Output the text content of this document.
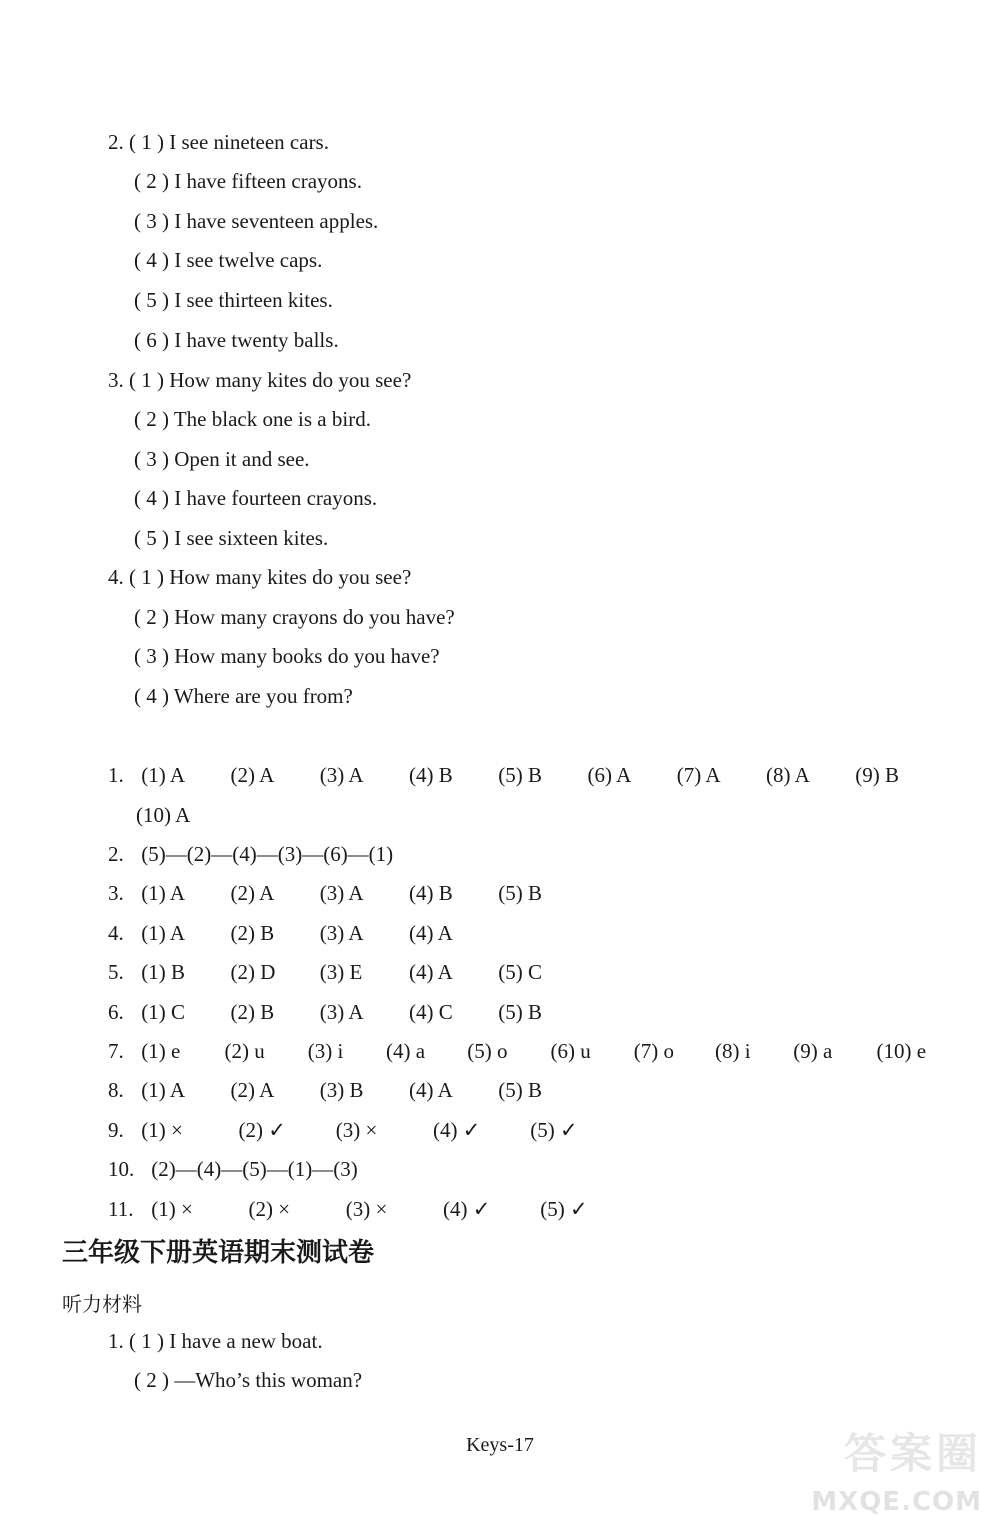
2. ( 1 ) I see nineteen cars.
( 2 ) I have fifteen crayons.
( 3 ) I have seventeen apples.
( 4 ) I see twelve caps.
( 5 ) I see thirteen kites.
( 6 ) I have twenty balls.
3. ( 1 ) How many kites do you see?
( 2 ) The black one is a bird.
( 3 ) Open it and see.
( 4 ) I have fourteen crayons.
( 5 ) I see sixteen kites.
4. ( 1 ) How many kites do you see?
( 2 ) How many crayons do you have?
( 3 ) How many books do you have?
( 4 ) Where are you from?
1. (1) A (2) A (3) A (4) B (5) B (6) A (7) A (8) A (9) B
(10) A
2. (5)—(2)—(4)—(3)—(6)—(1)
3. (1) A (2) A (3) A (4) B (5) B
4. (1) A (2) B (3) A (4) A
5. (1) B (2) D (3) E (4) A (5) C
6. (1) C (2) B (3) A (4) C (5) B
7. (1) e (2) u (3) i (4) a (5) o (6) u (7) o (8) i (9) a (10) e
8. (1) A (2) A (3) B (4) A (5) B
9. (1) ×	(2) ✓ (3) ×	(4) ✓ (5) ✓
10. (2)—(4)—(5)—(1)—(3)
11. (1) ×	(2) ×	(3) ×	(4) ✓ (5) ✓
三年级下册英语期末测试卷
听力材料
1. ( 1 ) I have a new boat.
( 2 ) —Who’s this woman?
Keys-17	答案圈
MXQE.COM
